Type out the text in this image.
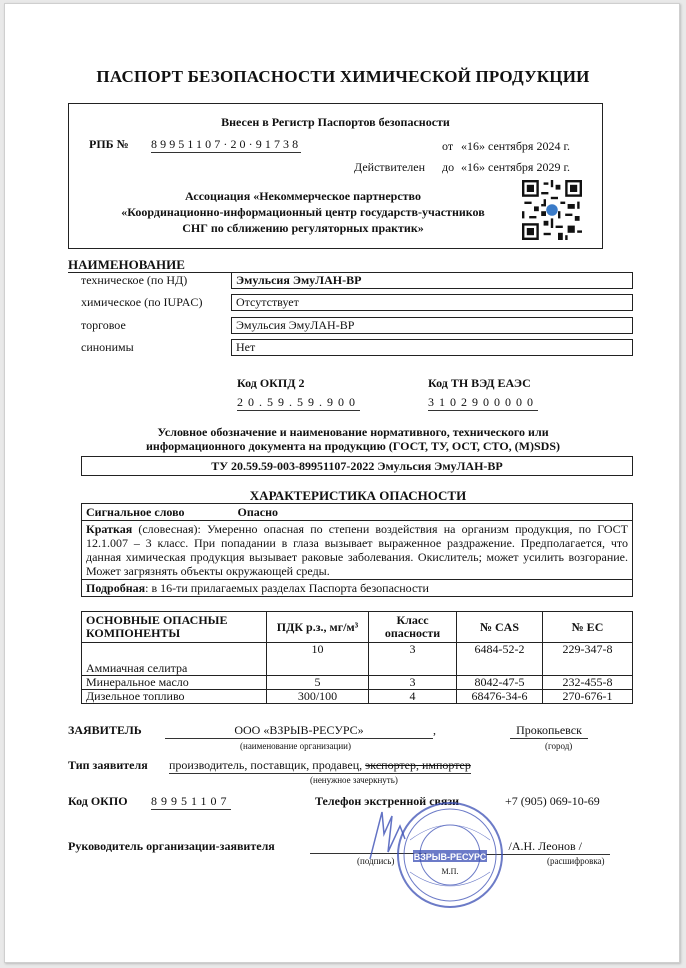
ПАСПОРТ БЕЗОПАСНОСТИ ХИМИЧЕСКОЙ ПРОДУКЦИИ
Внесен в Регистр Паспортов безопасности
РПБ № 89951107·20·91738	от «16» сентября 2024 г.
Действителен до «16» сентября 2029 г.
Ассоциация «Некоммерческое партнерство
«Координационно-информационный центр государств-участников
СНГ по сближению регуляторных практик»
НАИМЕНОВАНИЕ
техническое (по НД)	Эмульсия ЭмуЛАН-ВР
химическое (по IUPAC)	Отсутствует
торговое	Эмульсия ЭмуЛАН-ВР
синонимы	Нет
Код ОКПД 2
20.59.59.900
Код ТН ВЭД ЕАЭС
3102900000
Условное обозначение и наименование нормативного, технического или
информационного документа на продукцию (ГОСТ, ТУ, ОСТ, СТО, (М)SDS)
ТУ 20.59.59-003-89951107-2022 Эмульсия ЭмуЛАН-ВР
ХАРАКТЕРИСТИКА ОПАСНОСТИ
Сигнальное слово	Опасно
Краткая (словесная): Умеренно опасная по степени воздействия на организм продукция, по ГОСТ 12.1.007 – 3 класс. При попадании в глаза вызывает выраженное раздражение. Предполагается, что данная химическая продукция вызывает раковые заболевания. Окислитель; может усилить возгорание. Может загрязнять объекты окружающей среды.
Подробная: в 16-ти прилагаемых разделах Паспорта безопасности
ОСНОВНЫЕ ОПАСНЫЕ КОМПОНЕНТЫ	ПДК р.з., мг/м³	Класс опасности	№ CAS	№ EC
Аммиачная селитра	10	3	6484-52-2	229-347-8
Минеральное масло	5	3	8042-47-5	232-455-8
Дизельное топливо	300/100	4	68476-34-6	270-676-1
ЗАЯВИТЕЛЬ	ООО «ВЗРЫВ-РЕСУРС»	,	Прокопьевск
(наименование организации)	(город)
Тип заявителя производитель, поставщик, продавец, экспортер, импортер
(ненужное зачеркнуть)
Код ОКПО 89951107	Телефон экстренной связи	+7 (905) 069-10-69
Руководитель организации-заявителя	/А.Н. Леонов /
(подпись)	(расшифровка)
ВЗРЫВ-РЕСУРС
М.П.
